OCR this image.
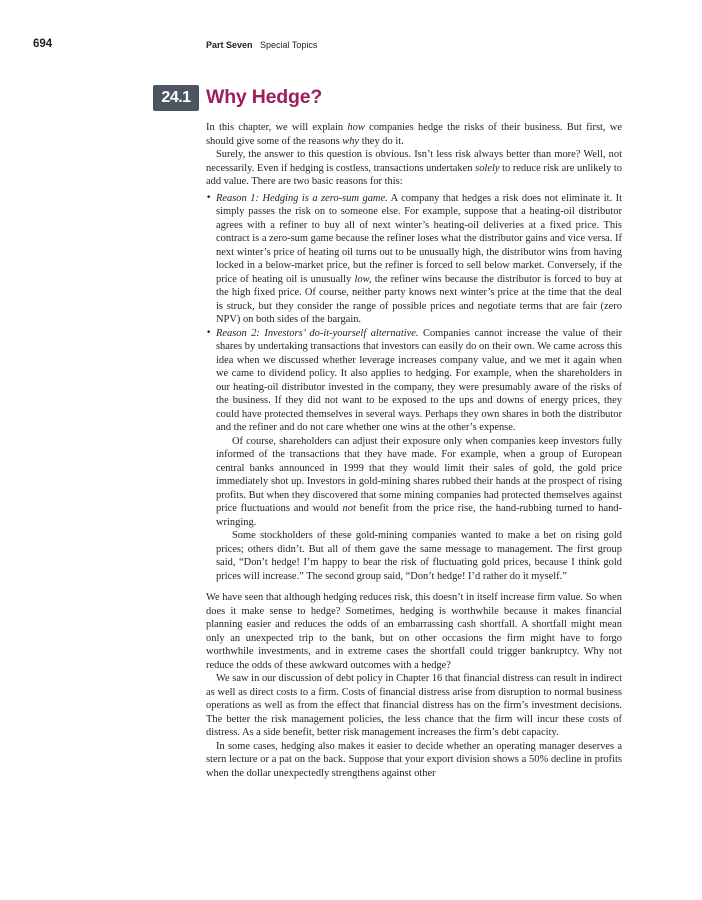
694	Part Seven Special Topics
24.1 Why Hedge?

In this chapter, we will explain how companies hedge the risks of their business. But first, we should give some of the reasons why they do it.

Surely, the answer to this question is obvious. Isn’t less risk always better than more? Well, not necessarily. Even if hedging is costless, transactions undertaken solely to reduce risk are unlikely to add value. There are two basic reasons for this:

• Reason 1: Hedging is a zero-sum game. A company that hedges a risk does not eliminate it. It simply passes the risk on to someone else. For example, suppose that a heating-oil distributor agrees with a refiner to buy all of next winter’s heating-oil deliveries at a fixed price. This contract is a zero-sum game because the refiner loses what the distributor gains and vice versa. If next winter’s price of heating oil turns out to be unusually high, the distributor wins from having locked in a below-market price, but the refiner is forced to sell below market. Conversely, if the price of heating oil is unusually low, the refiner wins because the distributor is forced to buy at the high fixed price. Of course, neither party knows next winter’s price at the time that the deal is struck, but they consider the range of possible prices and negotiate terms that are fair (zero NPV) on both sides of the bargain.

• Reason 2: Investors’ do-it-yourself alternative. Companies cannot increase the value of their shares by undertaking transactions that investors can easily do on their own. We came across this idea when we discussed whether leverage increases company value, and we met it again when we came to dividend policy. It also applies to hedging. For example, when the shareholders in our heating-oil distributor invested in the company, they were presumably aware of the risks of the business. If they did not want to be exposed to the ups and downs of energy prices, they could have protected themselves in several ways. Perhaps they own shares in both the distributor and the refiner and do not care whether one wins at the other’s expense.

Of course, shareholders can adjust their exposure only when companies keep investors fully informed of the transactions that they have made. For example, when a group of European central banks announced in 1999 that they would limit their sales of gold, the gold price immediately shot up. Investors in gold-mining shares rubbed their hands at the prospect of rising profits. But when they discovered that some mining companies had protected themselves against price fluctuations and would not benefit from the price rise, the hand-rubbing turned to hand-wringing.

Some stockholders of these gold-mining companies wanted to make a bet on rising gold prices; others didn’t. But all of them gave the same message to management. The first group said, “Don’t hedge! I’m happy to bear the risk of fluctuating gold prices, because I think gold prices will increase.” The second group said, “Don’t hedge! I’d rather do it myself.”

We have seen that although hedging reduces risk, this doesn’t in itself increase firm value. So when does it make sense to hedge? Sometimes, hedging is worthwhile because it makes financial planning easier and reduces the odds of an embarrassing cash shortfall. A shortfall might mean only an unexpected trip to the bank, but on other occasions the firm might have to forgo worthwhile investments, and in extreme cases the shortfall could trigger bankruptcy. Why not reduce the odds of these awkward outcomes with a hedge?

We saw in our discussion of debt policy in Chapter 16 that financial distress can result in indirect as well as direct costs to a firm. Costs of financial distress arise from disruption to normal business operations as well as from the effect that financial distress has on the firm’s investment decisions. The better the risk management policies, the less chance that the firm will incur these costs of distress. As a side benefit, better risk management increases the firm’s debt capacity.

In some cases, hedging also makes it easier to decide whether an operating manager deserves a stern lecture or a pat on the back. Suppose that your export division shows a 50% decline in profits when the dollar unexpectedly strengthens against other
